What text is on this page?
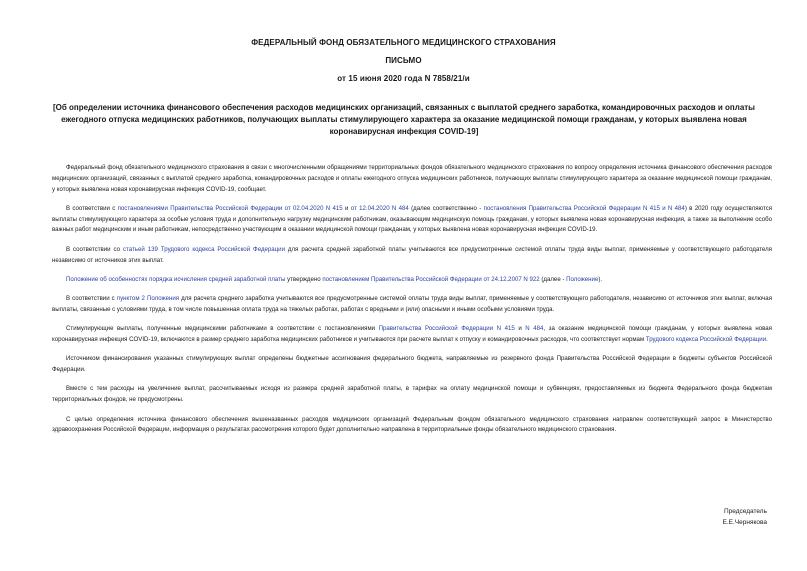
ФЕДЕРАЛЬНЫЙ ФОНД ОБЯЗАТЕЛЬНОГО МЕДИЦИНСКОГО СТРАХОВАНИЯ
ПИСЬМО
от 15 июня 2020 года N 7858/21/и
[Об определении источника финансового обеспечения расходов медицинских организаций, связанных с выплатой среднего заработка, командировочных расходов и оплаты ежегодного отпуска медицинских работников, получающих выплаты стимулирующего характера за оказание медицинской помощи гражданам, у которых выявлена новая коронавирусная инфекция COVID-19]

Федеральный фонд обязательного медицинского страхования в связи с многочисленными обращениями территориальных фондов обязательного медицинского страхования по вопросу определения источника финансового обеспечения расходов медицинских организаций, связанных с выплатой среднего заработка, командировочных расходов и оплаты ежегодного отпуска медицинских работников, получающих выплаты стимулирующего характера за оказание медицинской помощи гражданам, у которых выявлена новая коронавирусная инфекция COVID-19, сообщает.

В соответствии с постановлениями Правительства Российской Федерации от 02.04.2020 N 415 и от 12.04.2020 N 484 (далее соответственно - постановления Правительства Российской Федерации N 415 и N 484) в 2020 году осуществляются выплаты стимулирующего характера за особые условия труда и дополнительную нагрузку медицинским работникам, оказывающим медицинскую помощь гражданам, у которых выявлена новая коронавирусная инфекция, а также за выполнение особо важных работ медицинским и иным работникам, непосредственно участвующим в оказании медицинской помощи гражданам, у которых выявлена новая коронавирусная инфекция COVID-19.

В соответствии со статьей 139 Трудового кодекса Российской Федерации для расчета средней заработной платы учитываются все предусмотренные системой оплаты труда виды выплат, применяемые у соответствующего работодателя независимо от источников этих выплат.

Положение об особенностях порядка исчисления средней заработной платы утверждено постановлением Правительства Российской Федерации от 24.12.2007 N 922 (далее - Положение).

В соответствии с пунктом 2 Положения для расчета среднего заработка учитываются все предусмотренные системой оплаты труда виды выплат, применяемые у соответствующего работодателя, независимо от источников этих выплат, включая выплаты, связанные с условиями труда, в том числе повышенная оплата труда на тяжелых работах, работах с вредными и (или) опасными и иными особыми условиями труда.

Стимулирующие выплаты, полученные медицинскими работниками в соответствии с постановлениями Правительства Российской Федерации N 415 и N 484, за оказание медицинской помощи гражданам, у которых выявлена новая коронавирусная инфекция COVID-19, включаются в размер среднего заработка медицинских работников и учитываются при расчете выплат к отпуску и командировочных расходов, что соответствует нормам Трудового кодекса Российской Федерации.

Источником финансирования указанных стимулирующих выплат определены бюджетные ассигнования федерального бюджета, направляемые из резервного фонда Правительства Российской Федерации в бюджеты субъектов Российской Федерации.

Вместе с тем расходы на увеличение выплат, рассчитываемых исходя из размера средней заработной платы, в тарифах на оплату медицинской помощи и субвенциях, предоставляемых из бюджета Федерального фонда бюджетам территориальных фондов, не предусмотрены.

С целью определения источника финансового обеспечения вышеназванных расходов медицинских организаций Федеральным фондом обязательного медицинского страхования направлен соответствующий запрос в Министерство здравоохранения Российской Федерации, информация о результатах рассмотрения которого будет дополнительно направлена в территориальные фонды обязательного медицинского страхования.

Председатель
Е.Е.Чернякова
